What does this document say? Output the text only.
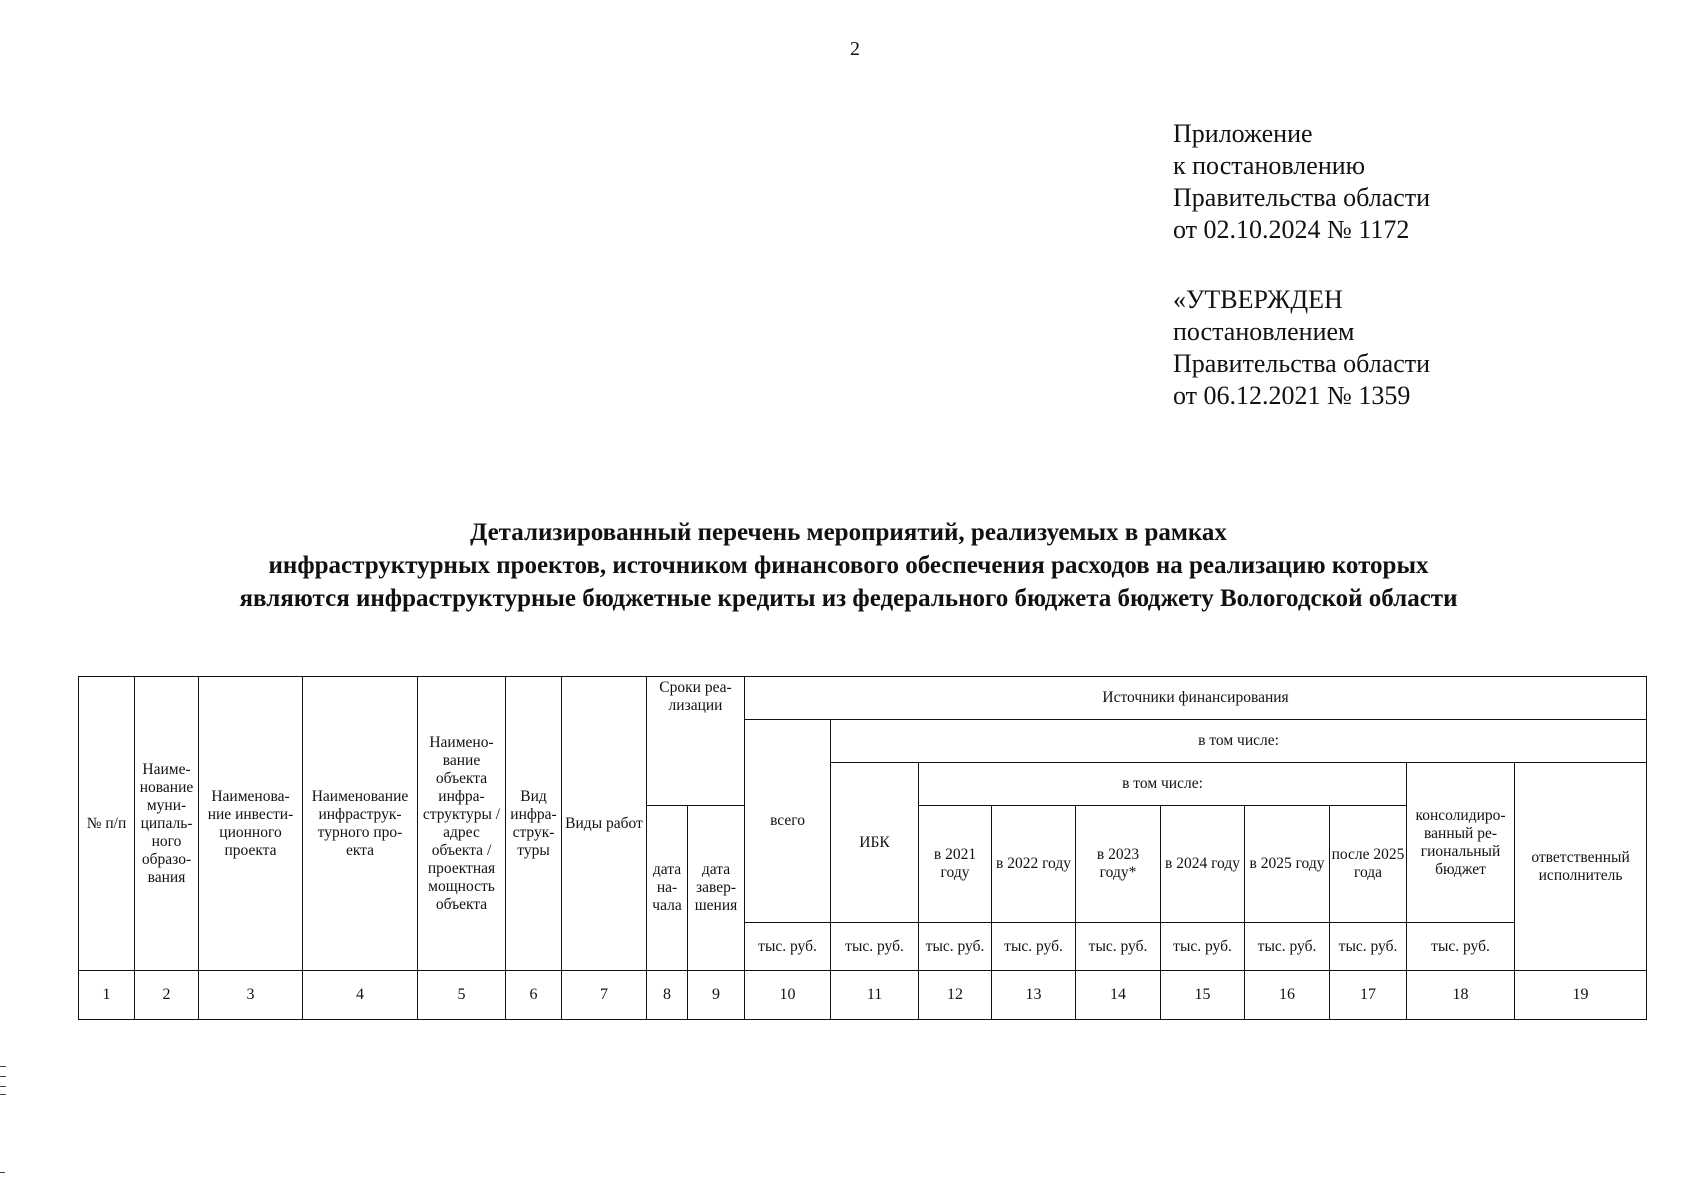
2
Приложение
к постановлению
Правительства области
от 02.10.2024 № 1172
«УТВЕРЖДЕН
постановлением
Правительства области
от 06.12.2021 № 1359
Детализированный перечень мероприятий, реализуемых в рамках
инфраструктурных проектов, источником финансового обеспечения расходов на реализацию которых
являются инфраструктурные бюджетные кредиты из федерального бюджета бюджету Вологодской области
№ п/п	Наиме-нование муни-ципаль-ного образо-вания	Наименова-ние инвести-ционного проекта	Наименование инфраструк-турного про-екта	Наимено-вание объекта инфра-структуры / адрес объекта / проектная мощность объекта	Вид инфра-струк-туры	Виды работ	Сроки реа-лизации		Источники финансирования									
									всего	в том числе:								
										ИБК	в том числе:						консолидиро-ванный ре-гиональный бюджет	ответственный исполнитель
							дата на-чала	дата завер-шения			в 2021 году	в 2022 году	в 2023 году*	в 2024 году	в 2025 году	после 2025 года		

									тыс. руб.	тыс. руб.	тыс. руб.	тыс. руб.	тыс. руб.	тыс. руб.	тыс. руб.	тыс. руб.	тыс. руб.	
1	2	3	4	5	6	7	8	9	10	11	12	13	14	15	16	17	18	19
